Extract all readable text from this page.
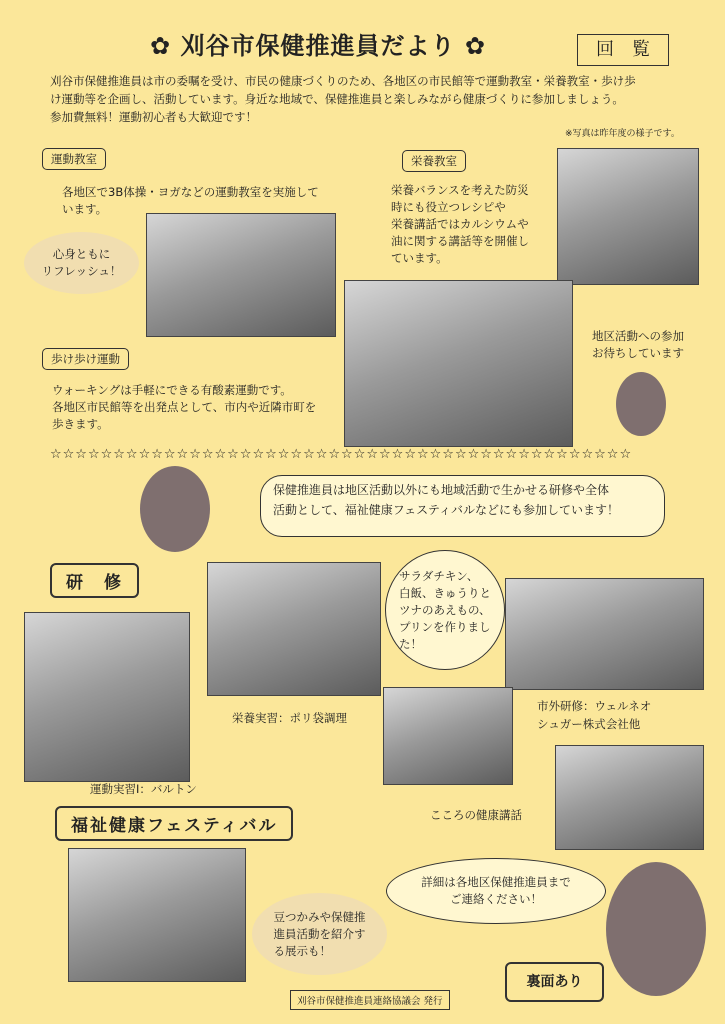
✿ 刈谷市保健推進員だより ✿	回　覧
刈谷市保健推進員は市の委嘱を受け、市民の健康づくりのため、各地区の市民館等で運動教室・栄養教室・歩け歩
け運動等を企画し、活動しています。身近な地域で、保健推進員と楽しみながら健康づくりに参加しましょう。
参加費無料！運動初心者も大歓迎です！
※写真は昨年度の様子です。
運動教室
各地区で3B体操・ヨガなどの運動教室を実施して
います。
心身ともに
リフレッシュ！
栄養教室
栄養バランスを考えた防災
時にも役立つレシピや
栄養講話ではカルシウムや
油に関する講話等を開催し
ています。
地区活動への参加
お待ちしています
歩け歩け運動
ウォーキングは手軽にできる有酸素運動です。
各地区市民館等を出発点として、市内や近隣市町を
歩きます。
☆☆☆☆☆☆☆☆☆☆☆☆☆☆☆☆☆☆☆☆☆☆☆☆☆☆☆☆☆☆☆☆☆☆☆☆☆☆☆☆☆☆☆☆☆☆
保健推進員は地区活動以外にも地域活動で生かせる研修や全体
活動として、福祉健康フェスティバルなどにも参加しています！
研　修	サラダチキン、
白飯、きゅうりと
ツナのあえもの、
プリンを作りまし
た！
栄養実習：ポリ袋調理
市外研修：ウェルネオ
シュガー株式会社他
運動実習Ⅰ：バルトン
こころの健康講話
福祉健康フェスティバル
豆つかみや保健推
進員活動を紹介す
る展示も！
詳細は各地区保健推進員まで
ご連絡ください！
裏面あり
刈谷市保健推進員連絡協議会 発行
